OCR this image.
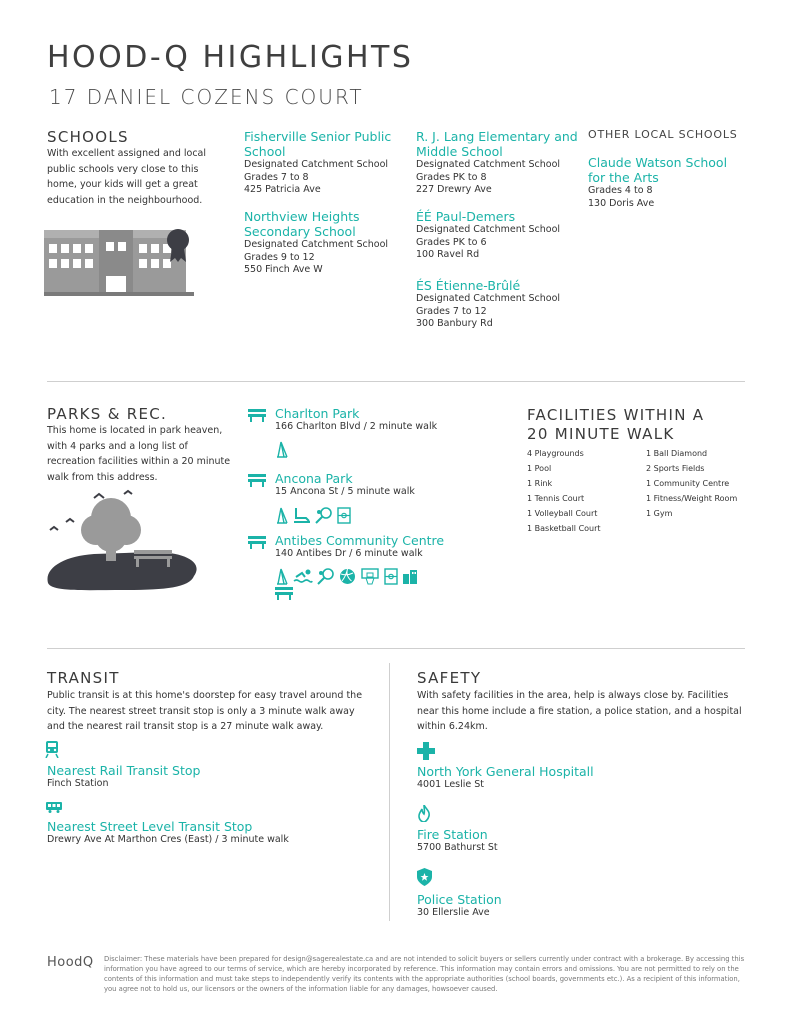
HOOD-Q HIGHLIGHTS
17 DANIEL COZENS COURT
SCHOOLS
With excellent assigned and local public schools very close to this home, your kids will get a great education in the neighbourhood.
Fisherville Senior Public School
Designated Catchment School
Grades 7 to 8
425 Patricia Ave
Northview Heights Secondary School
Designated Catchment School
Grades 9 to 12
550 Finch Ave W
R. J. Lang Elementary and Middle School
Designated Catchment School
Grades PK to 8
227 Drewry Ave
ÉÉ Paul-Demers
Designated Catchment School
Grades PK to 6
100 Ravel Rd
ÉS Étienne-Brûlé
Designated Catchment School
Grades 7 to 12
300 Banbury Rd
OTHER LOCAL SCHOOLS
Claude Watson School for the Arts
Grades 4 to 8
130 Doris Ave
PARKS & REC.
This home is located in park heaven, with 4 parks and a long list of recreation facilities within a 20 minute walk from this address.
Charlton Park
166 Charlton Blvd / 2 minute walk
Ancona Park
15 Ancona St / 5 minute walk
Antibes Community Centre
140 Antibes Dr / 6 minute walk
FACILITIES WITHIN A 20 MINUTE WALK
4 Playgrounds
1 Pool
1 Rink
1 Tennis Court
1 Volleyball Court
1 Basketball Court
1 Ball Diamond
2 Sports Fields
1 Community Centre
1 Fitness/Weight Room
1 Gym
TRANSIT
Public transit is at this home's doorstep for easy travel around the city. The nearest street transit stop is only a 3 minute walk away and the nearest rail transit stop is a 27 minute walk away.
Nearest Rail Transit Stop
Finch Station
Nearest Street Level Transit Stop
Drewry Ave At Marthon Cres (East) / 3 minute walk
SAFETY
With safety facilities in the area, help is always close by. Facilities near this home include a fire station, a police station, and a hospital within 6.24km.
North York General Hospitall
4001 Leslie St
Fire Station
5700 Bathurst St
Police Station
30 Ellerslie Ave
HoodQ Disclaimer: These materials have been prepared for design@sagerealestate.ca and are not intended to solicit buyers or sellers currently under contract with a brokerage. By accessing this information you have agreed to our terms of service, which are hereby incorporated by reference. This information may contain errors and omissions. You are not permitted to rely on the contents of this information and must take steps to independently verify its contents with the appropriate authorities (school boards, governments etc.). As a recipient of this information, you agree not to hold us, our licensors or the owners of the information liable for any damages, howsoever caused.
